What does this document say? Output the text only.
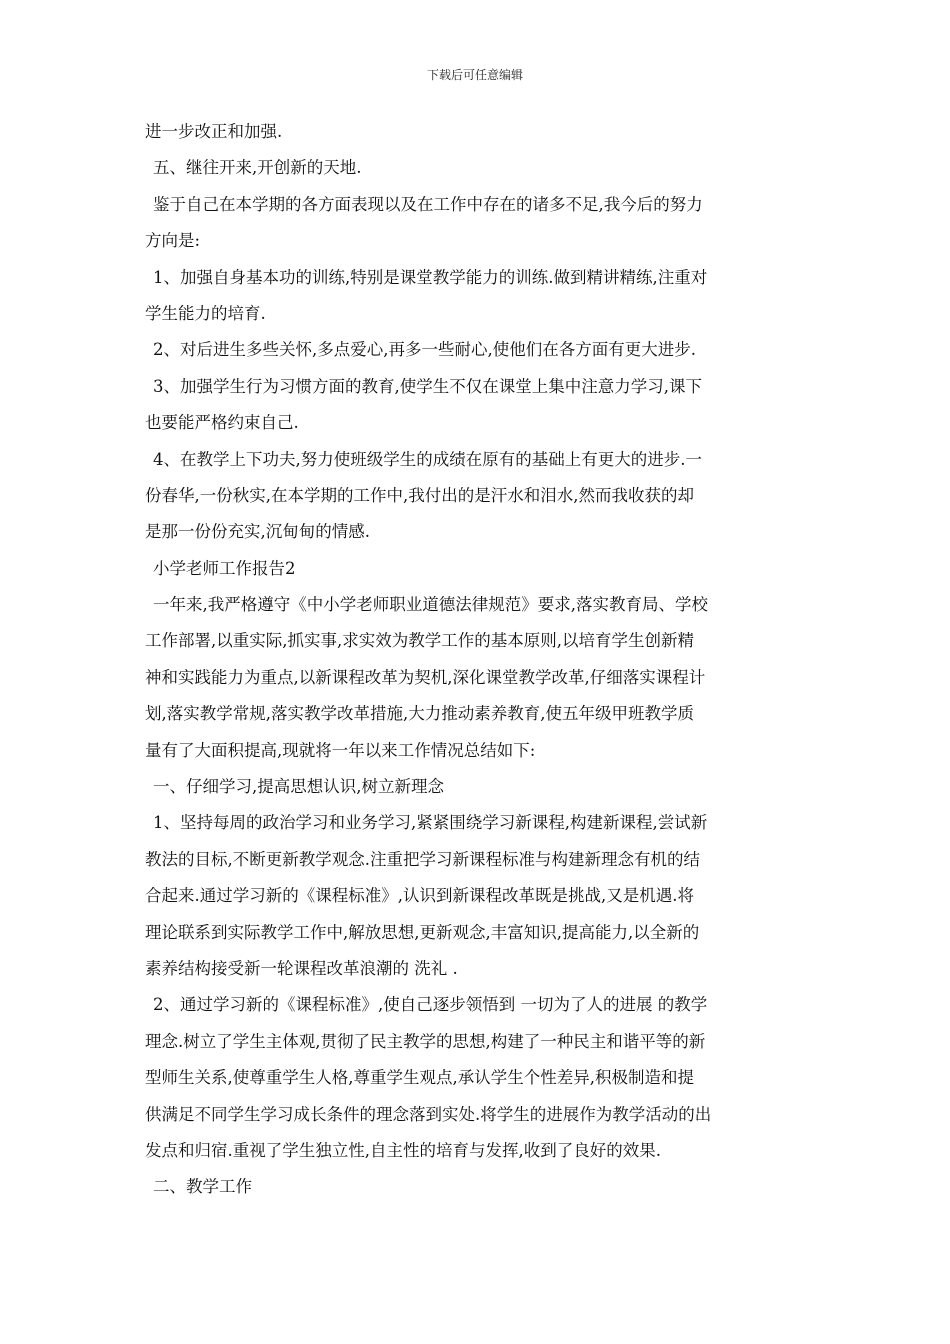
下载后可任意编辑
进一步改正和加强.
五、继往开来,开创新的天地.
鉴于自己在本学期的各方面表现以及在工作中存在的诸多不足,我今后的努力
方向是:
1、加强自身基本功的训练,特别是课堂教学能力的训练.做到精讲精练,注重对
学生能力的培育.
2、对后进生多些关怀,多点爱心,再多一些耐心,使他们在各方面有更大进步.
3、加强学生行为习惯方面的教育,使学生不仅在课堂上集中注意力学习,课下
也要能严格约束自己.
4、在教学上下功夫,努力使班级学生的成绩在原有的基础上有更大的进步.一
份春华,一份秋实,在本学期的工作中,我付出的是汗水和泪水,然而我收获的却
是那一份份充实,沉甸甸的情感.
小学老师工作报告2
一年来,我严格遵守《中小学老师职业道德法律规范》要求,落实教育局、学校
工作部署,以重实际,抓实事,求实效为教学工作的基本原则,以培育学生创新精
神和实践能力为重点,以新课程改革为契机,深化课堂教学改革,仔细落实课程计
划,落实教学常规,落实教学改革措施,大力推动素养教育,使五年级甲班教学质
量有了大面积提高,现就将一年以来工作情况总结如下:
一、仔细学习,提高思想认识,树立新理念
1、坚持每周的政治学习和业务学习,紧紧围绕学习新课程,构建新课程,尝试新
教法的目标,不断更新教学观念.注重把学习新课程标准与构建新理念有机的结
合起来.通过学习新的《课程标准》,认识到新课程改革既是挑战,又是机遇.将
理论联系到实际教学工作中,解放思想,更新观念,丰富知识,提高能力,以全新的
素养结构接受新一轮课程改革浪潮的 洗礼 .
2、通过学习新的《课程标准》,使自己逐步领悟到 一切为了人的进展 的教学
理念.树立了学生主体观,贯彻了民主教学的思想,构建了一种民主和谐平等的新
型师生关系,使尊重学生人格,尊重学生观点,承认学生个性差异,积极制造和提
供满足不同学生学习成长条件的理念落到实处.将学生的进展作为教学活动的出
发点和归宿.重视了学生独立性,自主性的培育与发挥,收到了良好的效果.
二、教学工作
